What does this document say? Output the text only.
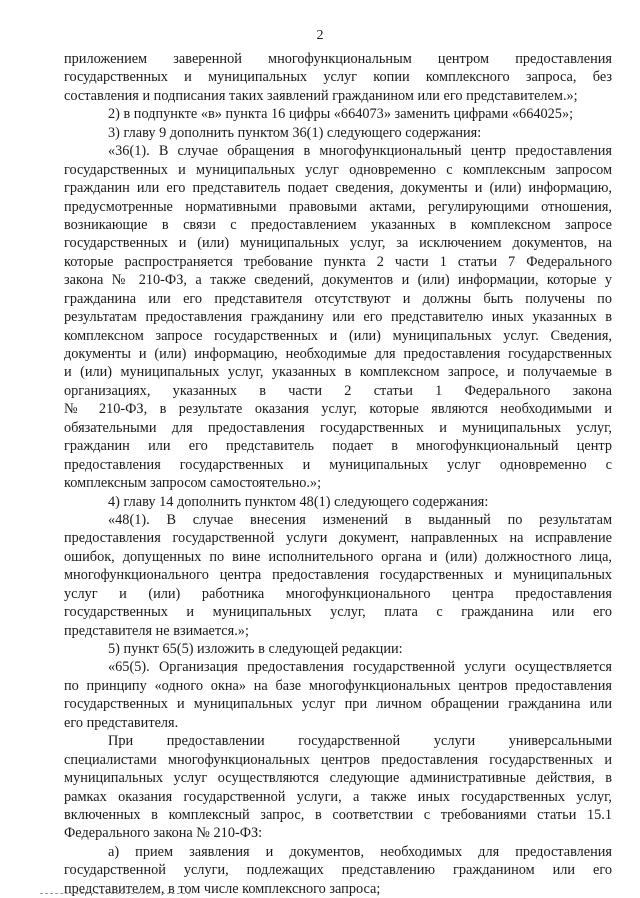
2
приложением заверенной многофункциональным центром предоставления
государственных и муниципальных услуг копии комплексного запроса, без
составления и подписания таких заявлений гражданином или его представителем.»;
2) в подпункте «в» пункта 16 цифры «664073» заменить цифрами «664025»;
3) главу 9 дополнить пунктом 36(1) следующего содержания:
«36(1). В случае обращения в многофункциональный центр предоставления
государственных и муниципальных услуг одновременно с комплексным запросом
гражданин или его представитель подает сведения, документы и (или) информацию,
предусмотренные нормативными правовыми актами, регулирующими отношения,
возникающие в связи с предоставлением указанных в комплексном запросе
государственных и (или) муниципальных услуг, за исключением документов, на
которые распространяется требование пункта 2 части 1 статьи 7 Федерального
закона № 210-ФЗ, а также сведений, документов и (или) информации, которые у
гражданина или его представителя отсутствуют и должны быть получены по
результатам предоставления гражданину или его представителю иных указанных в
комплексном запросе государственных и (или) муниципальных услуг. Сведения,
документы и (или) информацию, необходимые для предоставления государственных
и (или) муниципальных услуг, указанных в комплексном запросе, и получаемые в
организациях, указанных в части 2 статьи 1 Федерального закона
№ 210-ФЗ, в результате оказания услуг, которые являются необходимыми и
обязательными для предоставления государственных и муниципальных услуг,
гражданин или его представитель подает в многофункциональный центр
предоставления государственных и муниципальных услуг одновременно с
комплексным запросом самостоятельно.»;
4) главу 14 дополнить пунктом 48(1) следующего содержания:
«48(1). В случае внесения изменений в выданный по результатам
предоставления государственной услуги документ, направленных на исправление
ошибок, допущенных по вине исполнительного органа и (или) должностного лица,
многофункционального центра предоставления государственных и муниципальных
услуг и (или) работника многофункционального центра предоставления
государственных и муниципальных услуг, плата с гражданина или его
представителя не взимается.»;
5) пункт 65(5) изложить в следующей редакции:
«65(5). Организация предоставления государственной услуги осуществляется
по принципу «одного окна» на базе многофункциональных центров предоставления
государственных и муниципальных услуг при личном обращении гражданина или
его представителя.
При предоставлении государственной услуги универсальными
специалистами многофункциональных центров предоставления государственных и
муниципальных услуг осуществляются следующие административные действия, в
рамках оказания государственной услуги, а также иных государственных услуг,
включенных в комплексный запрос, в соответствии с требованиями статьи 15.1
Федерального закона № 210-ФЗ:
а) прием заявления и документов, необходимых для предоставления
государственной услуги, подлежащих представлению гражданином или его
представителем, в том числе комплексного запроса;
